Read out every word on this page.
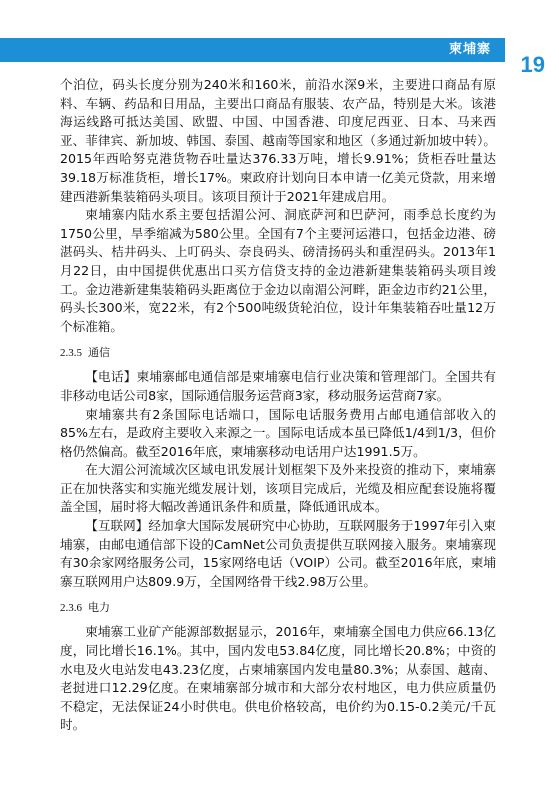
柬埔寨
19

个泊位，码头长度分别为240米和160米，前沿水深9米，主要进口商品有原料、车辆、药品和日用品，主要出口商品有服装、农产品，特别是大米。该港海运线路可抵达美国、欧盟、中国、中国香港、印度尼西亚、日本、马来西亚、菲律宾、新加坡、韩国、泰国、越南等国家和地区（多通过新加坡中转）。2015年西哈努克港货物吞吐量达376.33万吨，增长9.91%；货柜吞吐量达39.18万标准货柜，增长17%。柬政府计划向日本申请一亿美元贷款，用来增建西港新集装箱码头项目。该项目预计于2021年建成启用。

柬埔寨内陆水系主要包括湄公河、洞底萨河和巴萨河，雨季总长度约为1750公里，旱季缩减为580公里。全国有7个主要河运港口，包括金边港、磅湛码头、桔井码头、上叮码头、奈良码头、磅清扬码头和重涅码头。2013年1月22日，由中国提供优惠出口买方信贷支持的金边港新建集装箱码头项目竣工。金边港新建集装箱码头距离位于金边以南湄公河畔，距金边市约21公里，码头长300米，宽22米，有2个500吨级货轮泊位，设计年集装箱吞吐量12万个标准箱。

2.3.5 通信

【电话】柬埔寨邮电通信部是柬埔寨电信行业决策和管理部门。全国共有非移动电话公司8家，国际通信服务运营商3家，移动服务运营商7家。

柬埔寨共有2条国际电话端口，国际电话服务费用占邮电通信部收入的85%左右，是政府主要收入来源之一。国际电话成本虽已降低1/4到1/3，但价格仍然偏高。截至2016年底，柬埔寨移动电话用户达1991.5万。

在大湄公河流域次区域电讯发展计划框架下及外来投资的推动下，柬埔寨正在加快落实和实施光缆发展计划，该项目完成后，光缆及相应配套设施将覆盖全国，届时将大幅改善通讯条件和质量，降低通讯成本。

【互联网】经加拿大国际发展研究中心协助，互联网服务于1997年引入柬埔寨，由邮电通信部下设的CamNet公司负责提供互联网接入服务。柬埔寨现有30余家网络服务公司，15家网络电话（VOIP）公司。截至2016年底，柬埔寨互联网用户达809.9万，全国网络骨干线2.98万公里。

2.3.6 电力

柬埔寨工业矿产能源部数据显示，2016年，柬埔寨全国电力供应66.13亿度，同比增长16.1%。其中，国内发电53.84亿度，同比增长20.8%；中资的水电及火电站发电43.23亿度，占柬埔寨国内发电量80.3%；从泰国、越南、老挝进口12.29亿度。在柬埔寨部分城市和大部分农村地区，电力供应质量仍不稳定，无法保证24小时供电。供电价格较高，电价约为0.15-0.2美元/千瓦时。
